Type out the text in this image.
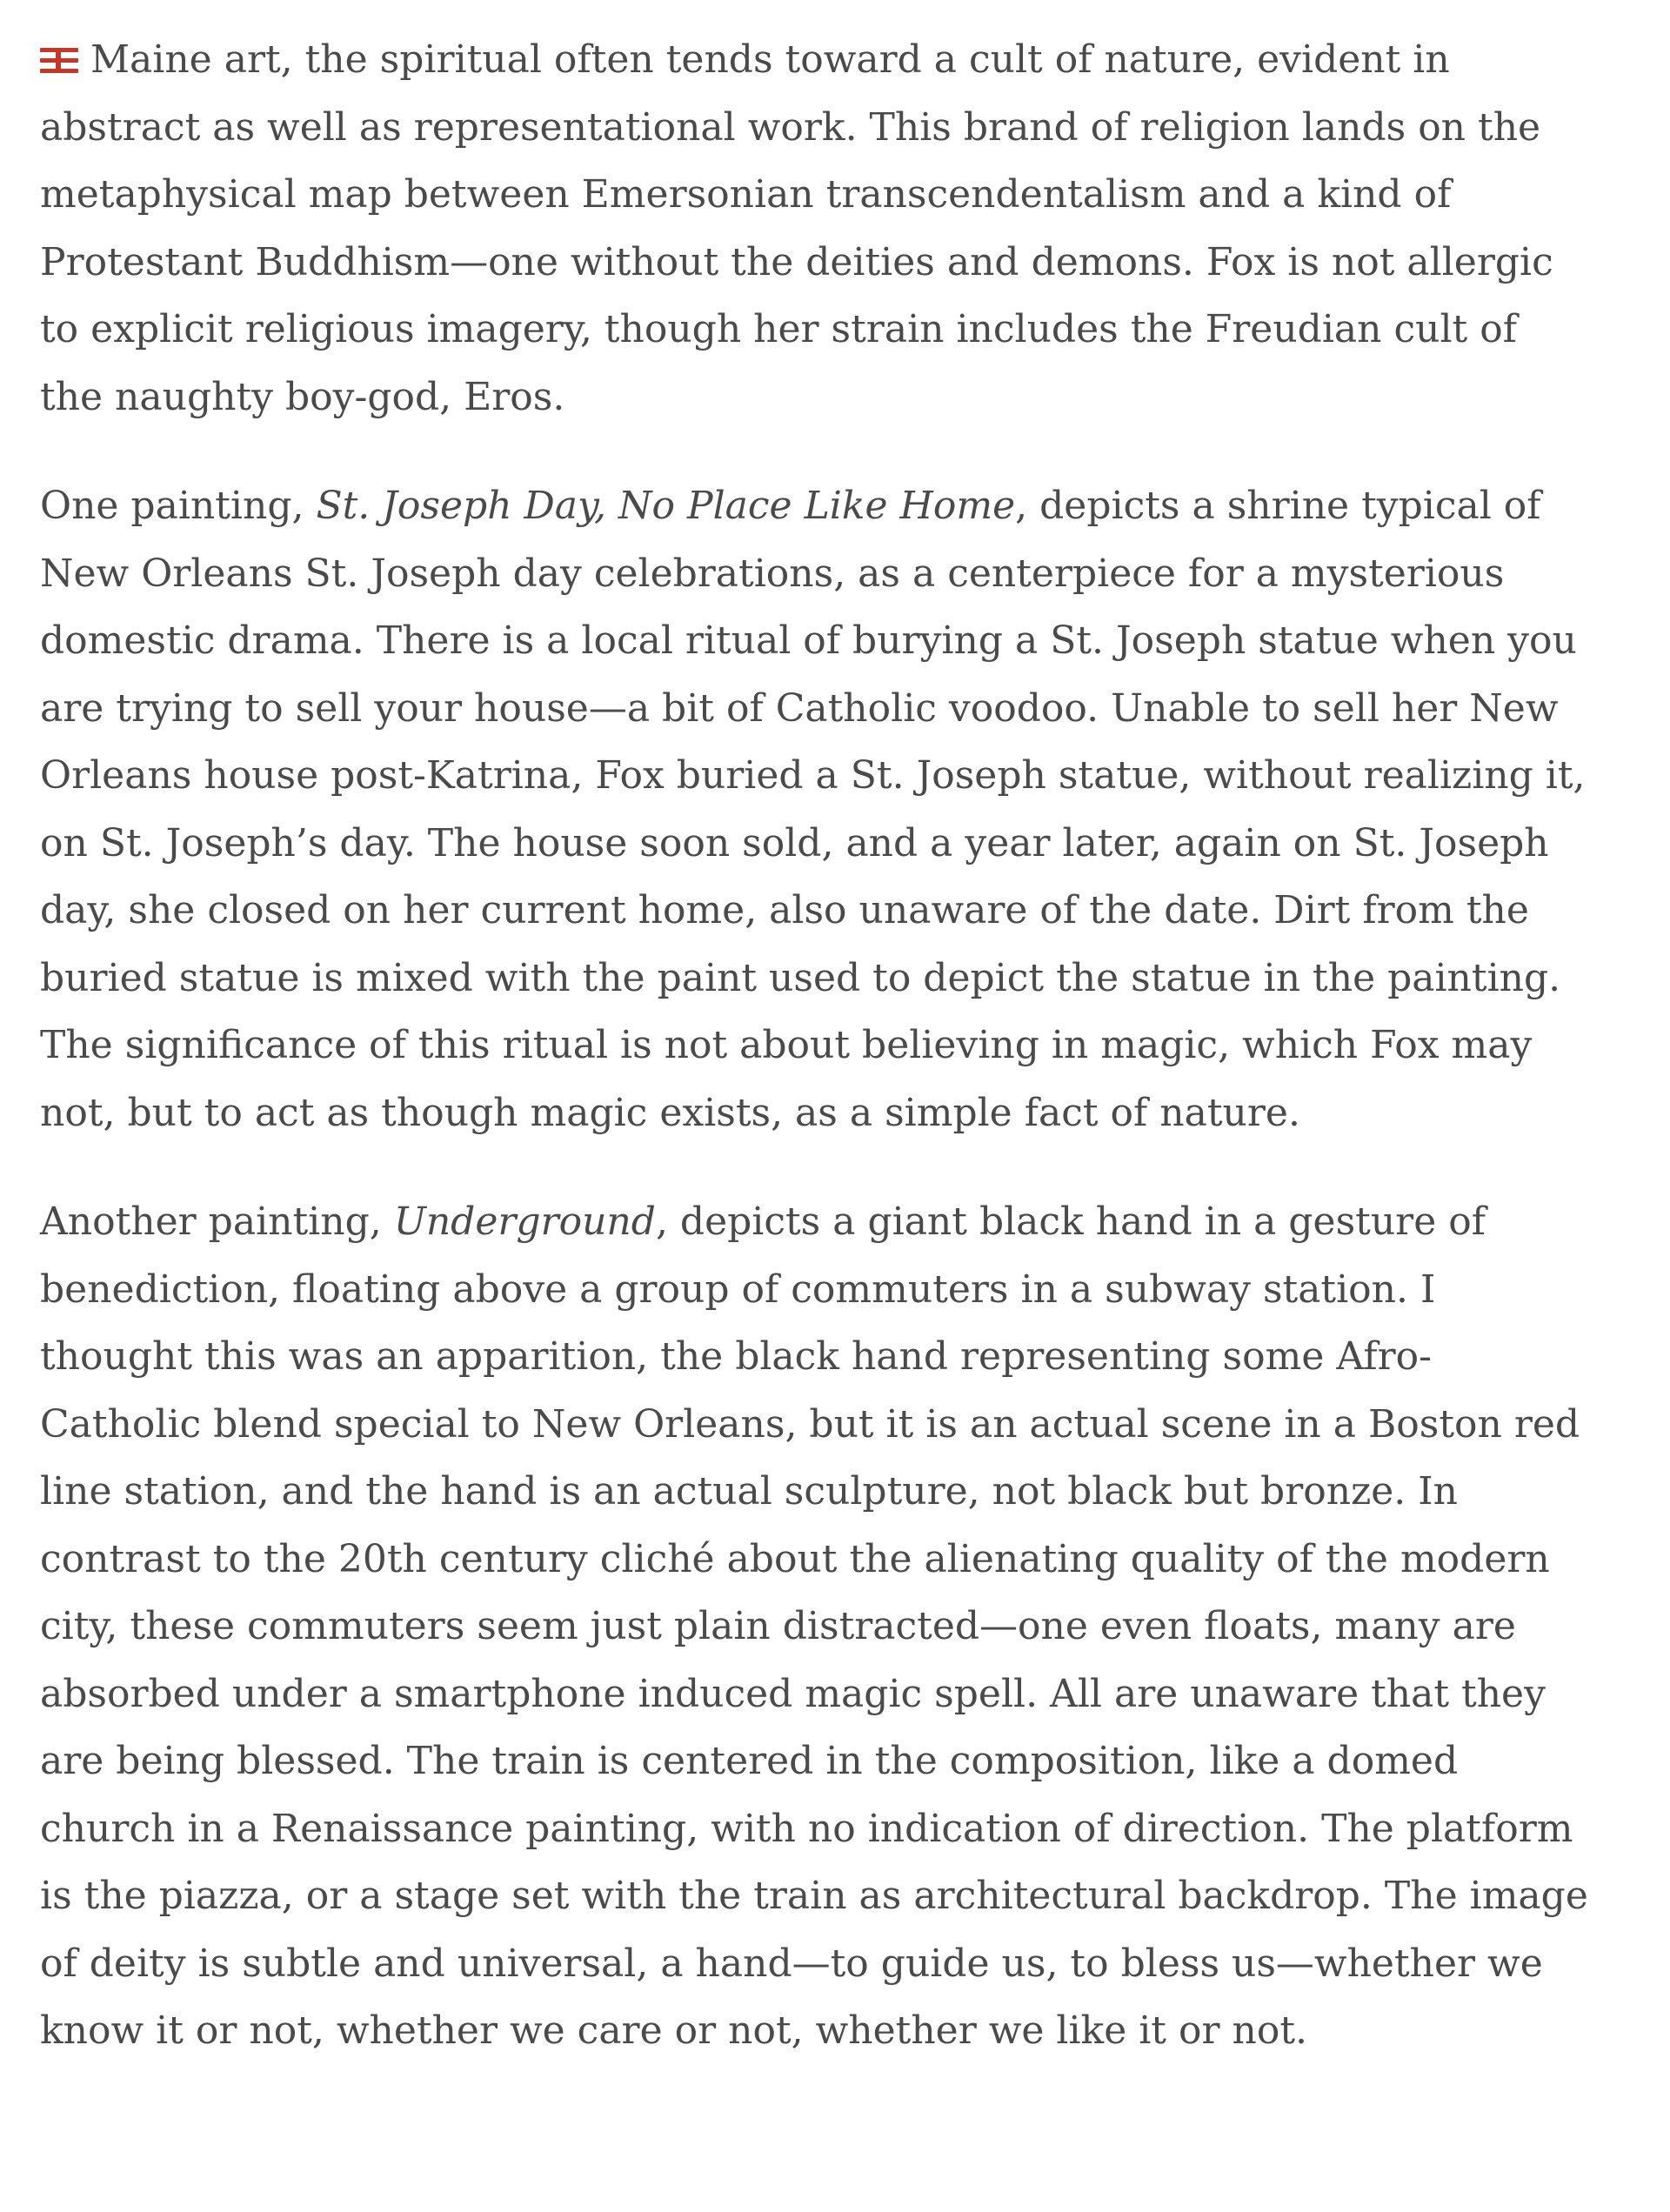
Maine art, the spiritual often tends toward a cult of nature, evident in abstract as well as representational work. This brand of religion lands on the metaphysical map between Emersonian transcendentalism and a kind of Protestant Buddhism—one without the deities and demons. Fox is not allergic to explicit religious imagery, though her strain includes the Freudian cult of the naughty boy-god, Eros.

One painting, St. Joseph Day, No Place Like Home, depicts a shrine typical of New Orleans St. Joseph day celebrations, as a centerpiece for a mysterious domestic drama. There is a local ritual of burying a St. Joseph statue when you are trying to sell your house—a bit of Catholic voodoo. Unable to sell her New Orleans house post-Katrina, Fox buried a St. Joseph statue, without realizing it, on St. Joseph’s day. The house soon sold, and a year later, again on St. Joseph day, she closed on her current home, also unaware of the date. Dirt from the buried statue is mixed with the paint used to depict the statue in the painting. The significance of this ritual is not about believing in magic, which Fox may not, but to act as though magic exists, as a simple fact of nature.

Another painting, Underground, depicts a giant black hand in a gesture of benediction, floating above a group of commuters in a subway station. I thought this was an apparition, the black hand representing some Afro-Catholic blend special to New Orleans, but it is an actual scene in a Boston red line station, and the hand is an actual sculpture, not black but bronze. In contrast to the 20th century cliché about the alienating quality of the modern city, these commuters seem just plain distracted—one even floats, many are absorbed under a smartphone induced magic spell. All are unaware that they are being blessed. The train is centered in the composition, like a domed church in a Renaissance painting, with no indication of direction. The platform is the piazza, or a stage set with the train as architectural backdrop. The image of deity is subtle and universal, a hand—to guide us, to bless us—whether we know it or not, whether we care or not, whether we like it or not.
